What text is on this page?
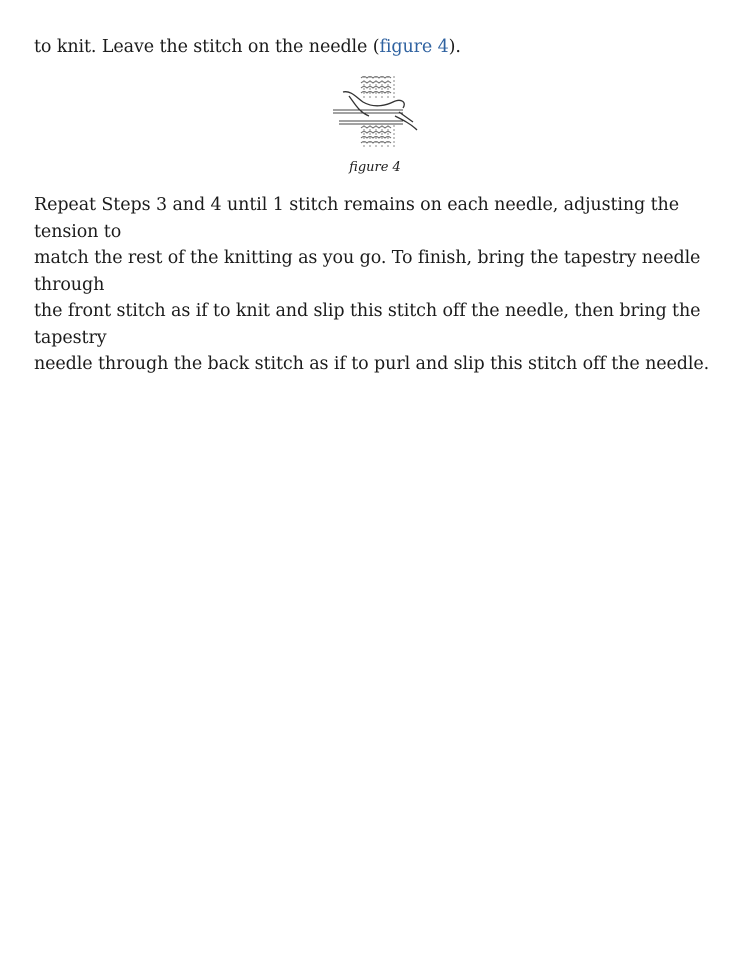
to knit. Leave the stitch on the needle (figure 4).

figure 4
Repeat Steps 3 and 4 until 1 stitch remains on each needle, adjusting the tension to
match the rest of the knitting as you go. To finish, bring the tapestry needle through
the front stitch as if to knit and slip this stitch off the needle, then bring the tapestry
needle through the back stitch as if to purl and slip this stitch off the needle.
